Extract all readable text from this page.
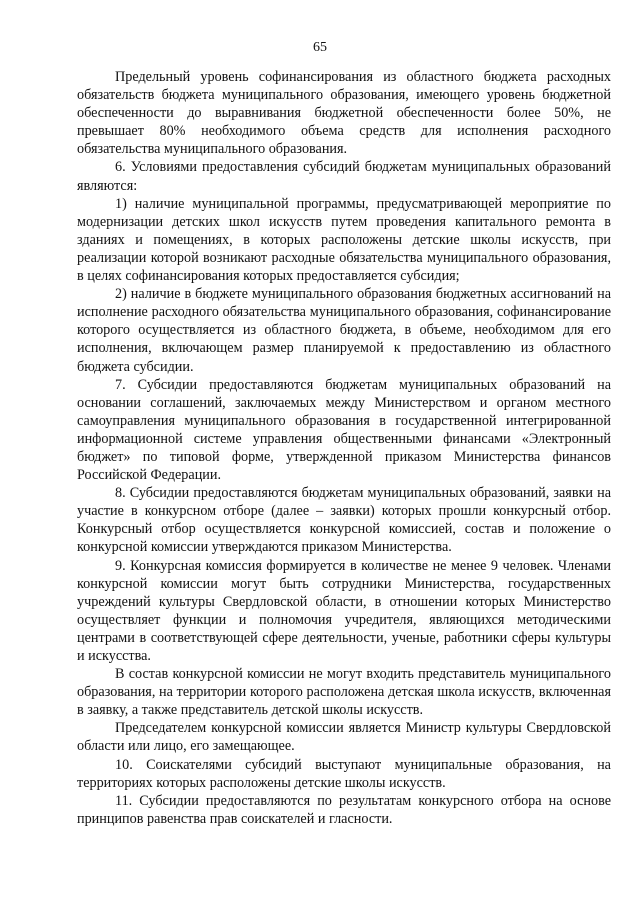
65

Предельный уровень софинансирования из областного бюджета расходных обязательств бюджета муниципального образования, имеющего уровень бюджетной обеспеченности до выравнивания бюджетной обеспеченности более 50%, не превышает 80% необходимого объема средств для исполнения расходного обязательства муниципального образования.

6. Условиями предоставления субсидий бюджетам муниципальных образований являются:

1) наличие муниципальной программы, предусматривающей мероприятие по модернизации детских школ искусств путем проведения капитального ремонта в зданиях и помещениях, в которых расположены детские школы искусств, при реализации которой возникают расходные обязательства муниципального образования, в целях софинансирования которых предоставляется субсидия;

2) наличие в бюджете муниципального образования бюджетных ассигнований на исполнение расходного обязательства муниципального образования, софинансирование которого осуществляется из областного бюджета, в объеме, необходимом для его исполнения, включающем размер планируемой к предоставлению из областного бюджета субсидии.

7. Субсидии предоставляются бюджетам муниципальных образований на основании соглашений, заключаемых между Министерством и органом местного самоуправления муниципального образования в государственной интегрированной информационной системе управления общественными финансами «Электронный бюджет» по типовой форме, утвержденной приказом Министерства финансов Российской Федерации.

8. Субсидии предоставляются бюджетам муниципальных образований, заявки на участие в конкурсном отборе (далее – заявки) которых прошли конкурсный отбор. Конкурсный отбор осуществляется конкурсной комиссией, состав и положение о конкурсной комиссии утверждаются приказом Министерства.

9. Конкурсная комиссия формируется в количестве не менее 9 человек. Членами конкурсной комиссии могут быть сотрудники Министерства, государственных учреждений культуры Свердловской области, в отношении которых Министерство осуществляет функции и полномочия учредителя, являющихся методическими центрами в соответствующей сфере деятельности, ученые, работники сферы культуры и искусства.

В состав конкурсной комиссии не могут входить представитель муниципального образования, на территории которого расположена детская школа искусств, включенная в заявку, а также представитель детской школы искусств.

Председателем конкурсной комиссии является Министр культуры Свердловской области или лицо, его замещающее.

10. Соискателями субсидий выступают муниципальные образования, на территориях которых расположены детские школы искусств.

11. Субсидии предоставляются по результатам конкурсного отбора на основе принципов равенства прав соискателей и гласности.
